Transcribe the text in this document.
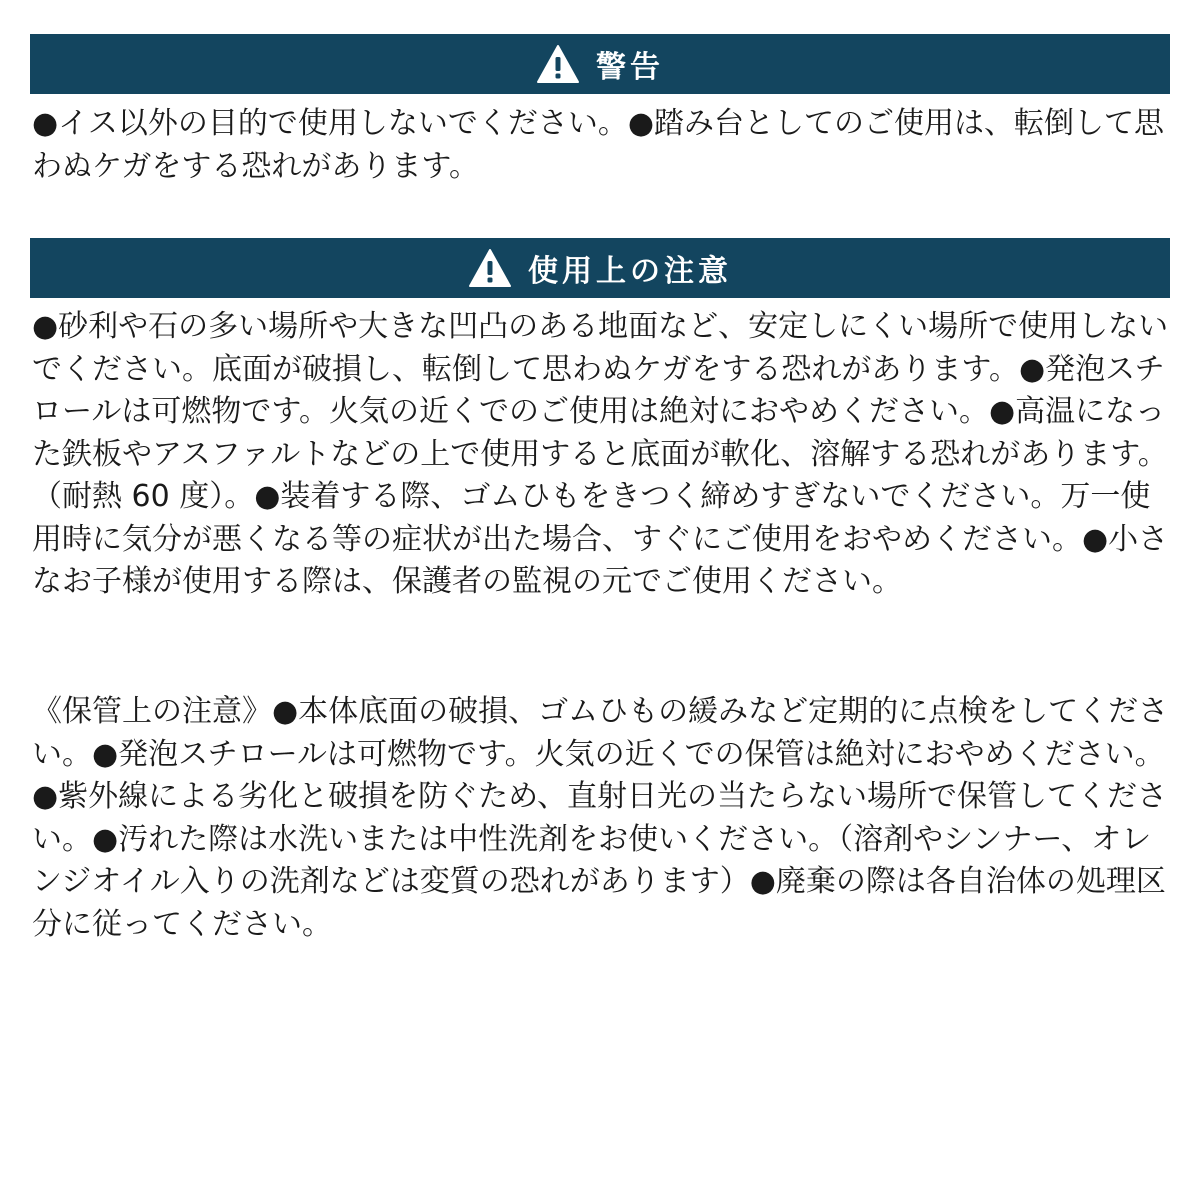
警告

●イス以外の目的で使用しないでください。●踏み台としてのご使用は、転倒して思わぬケガをする恐れがあります。

使用上の注意

●砂利や石の多い場所や大きな凹凸のある地面など、安定しにくい場所で使用しないでください。底面が破損し、転倒して思わぬケガをする恐れがあります。●発泡スチロールは可燃物です。火気の近くでのご使用は絶対におやめください。●高温になった鉄板やアスファルトなどの上で使用すると底面が軟化、溶解する恐れがあります。（耐熱 60 度）。●装着する際、ゴムひもをきつく締めすぎないでください。万一使用時に気分が悪くなる等の症状が出た場合、すぐにご使用をおやめください。●小さなお子様が使用する際は、保護者の監視の元でご使用ください。

《保管上の注意》●本体底面の破損、ゴムひもの緩みなど定期的に点検をしてください。●発泡スチロールは可燃物です。火気の近くでの保管は絶対におやめください。●紫外線による劣化と破損を防ぐため、直射日光の当たらない場所で保管してください。●汚れた際は水洗いまたは中性洗剤をお使いください。（溶剤やシンナー、オレンジオイル入りの洗剤などは変質の恐れがあります）●廃棄の際は各自治体の処理区分に従ってください。
